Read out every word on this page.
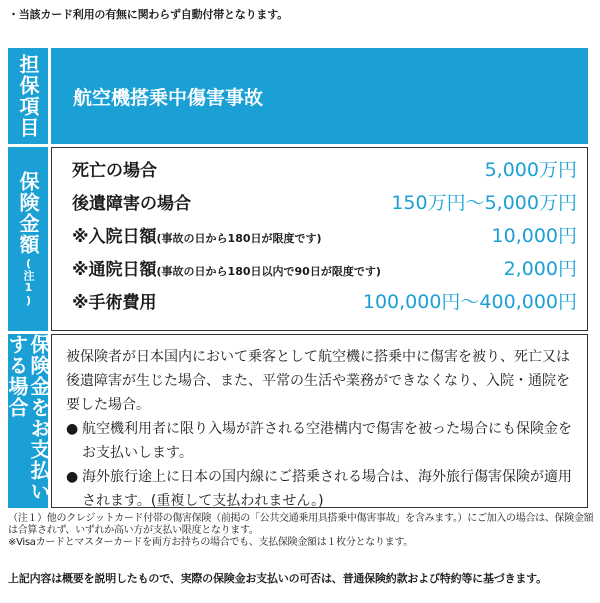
・当該カード利用の有無に関わらず自動付帯となります。
担保項目	航空機搭乗中傷害事故
保険金額
(注1)
死亡の場合	5,000万円
後遺障害の場合	150万円〜5,000万円
※入院日額(事故の日から180日が限度です)	10,000円
※通院日額(事故の日から180日以内で90日が限度です)	2,000円
※手術費用	100,000円〜400,000円
保険金をお支払いする場合	被保険者が日本国内において乗客として航空機に搭乗中に傷害を被り、死亡又は後遺障害が生じた場合、また、平常の生活や業務ができなくなり、入院・通院を要した場合。

● 航空機利用者に限り入場が許される空港構内で傷害を被った場合にも保険金をお支払いします。

● 海外旅行途上に日本の国内線にご搭乗される場合は、海外旅行傷害保険が適用されます。(重複して支払われません。)

（注１）他のクレジットカード付帯の傷害保険（前掲の「公共交通乗用具搭乗中傷害事故」を含みます。）にご加入の場合は、保険金額は合算されず、いずれか高い方が支払い限度となります。

※Visaカードとマスターカードを両方お持ちの場合でも、支払保険金額は１枚分となります。

上記内容は概要を説明したもので、実際の保険金お支払いの可否は、普通保険約款および特約等に基づきます。
